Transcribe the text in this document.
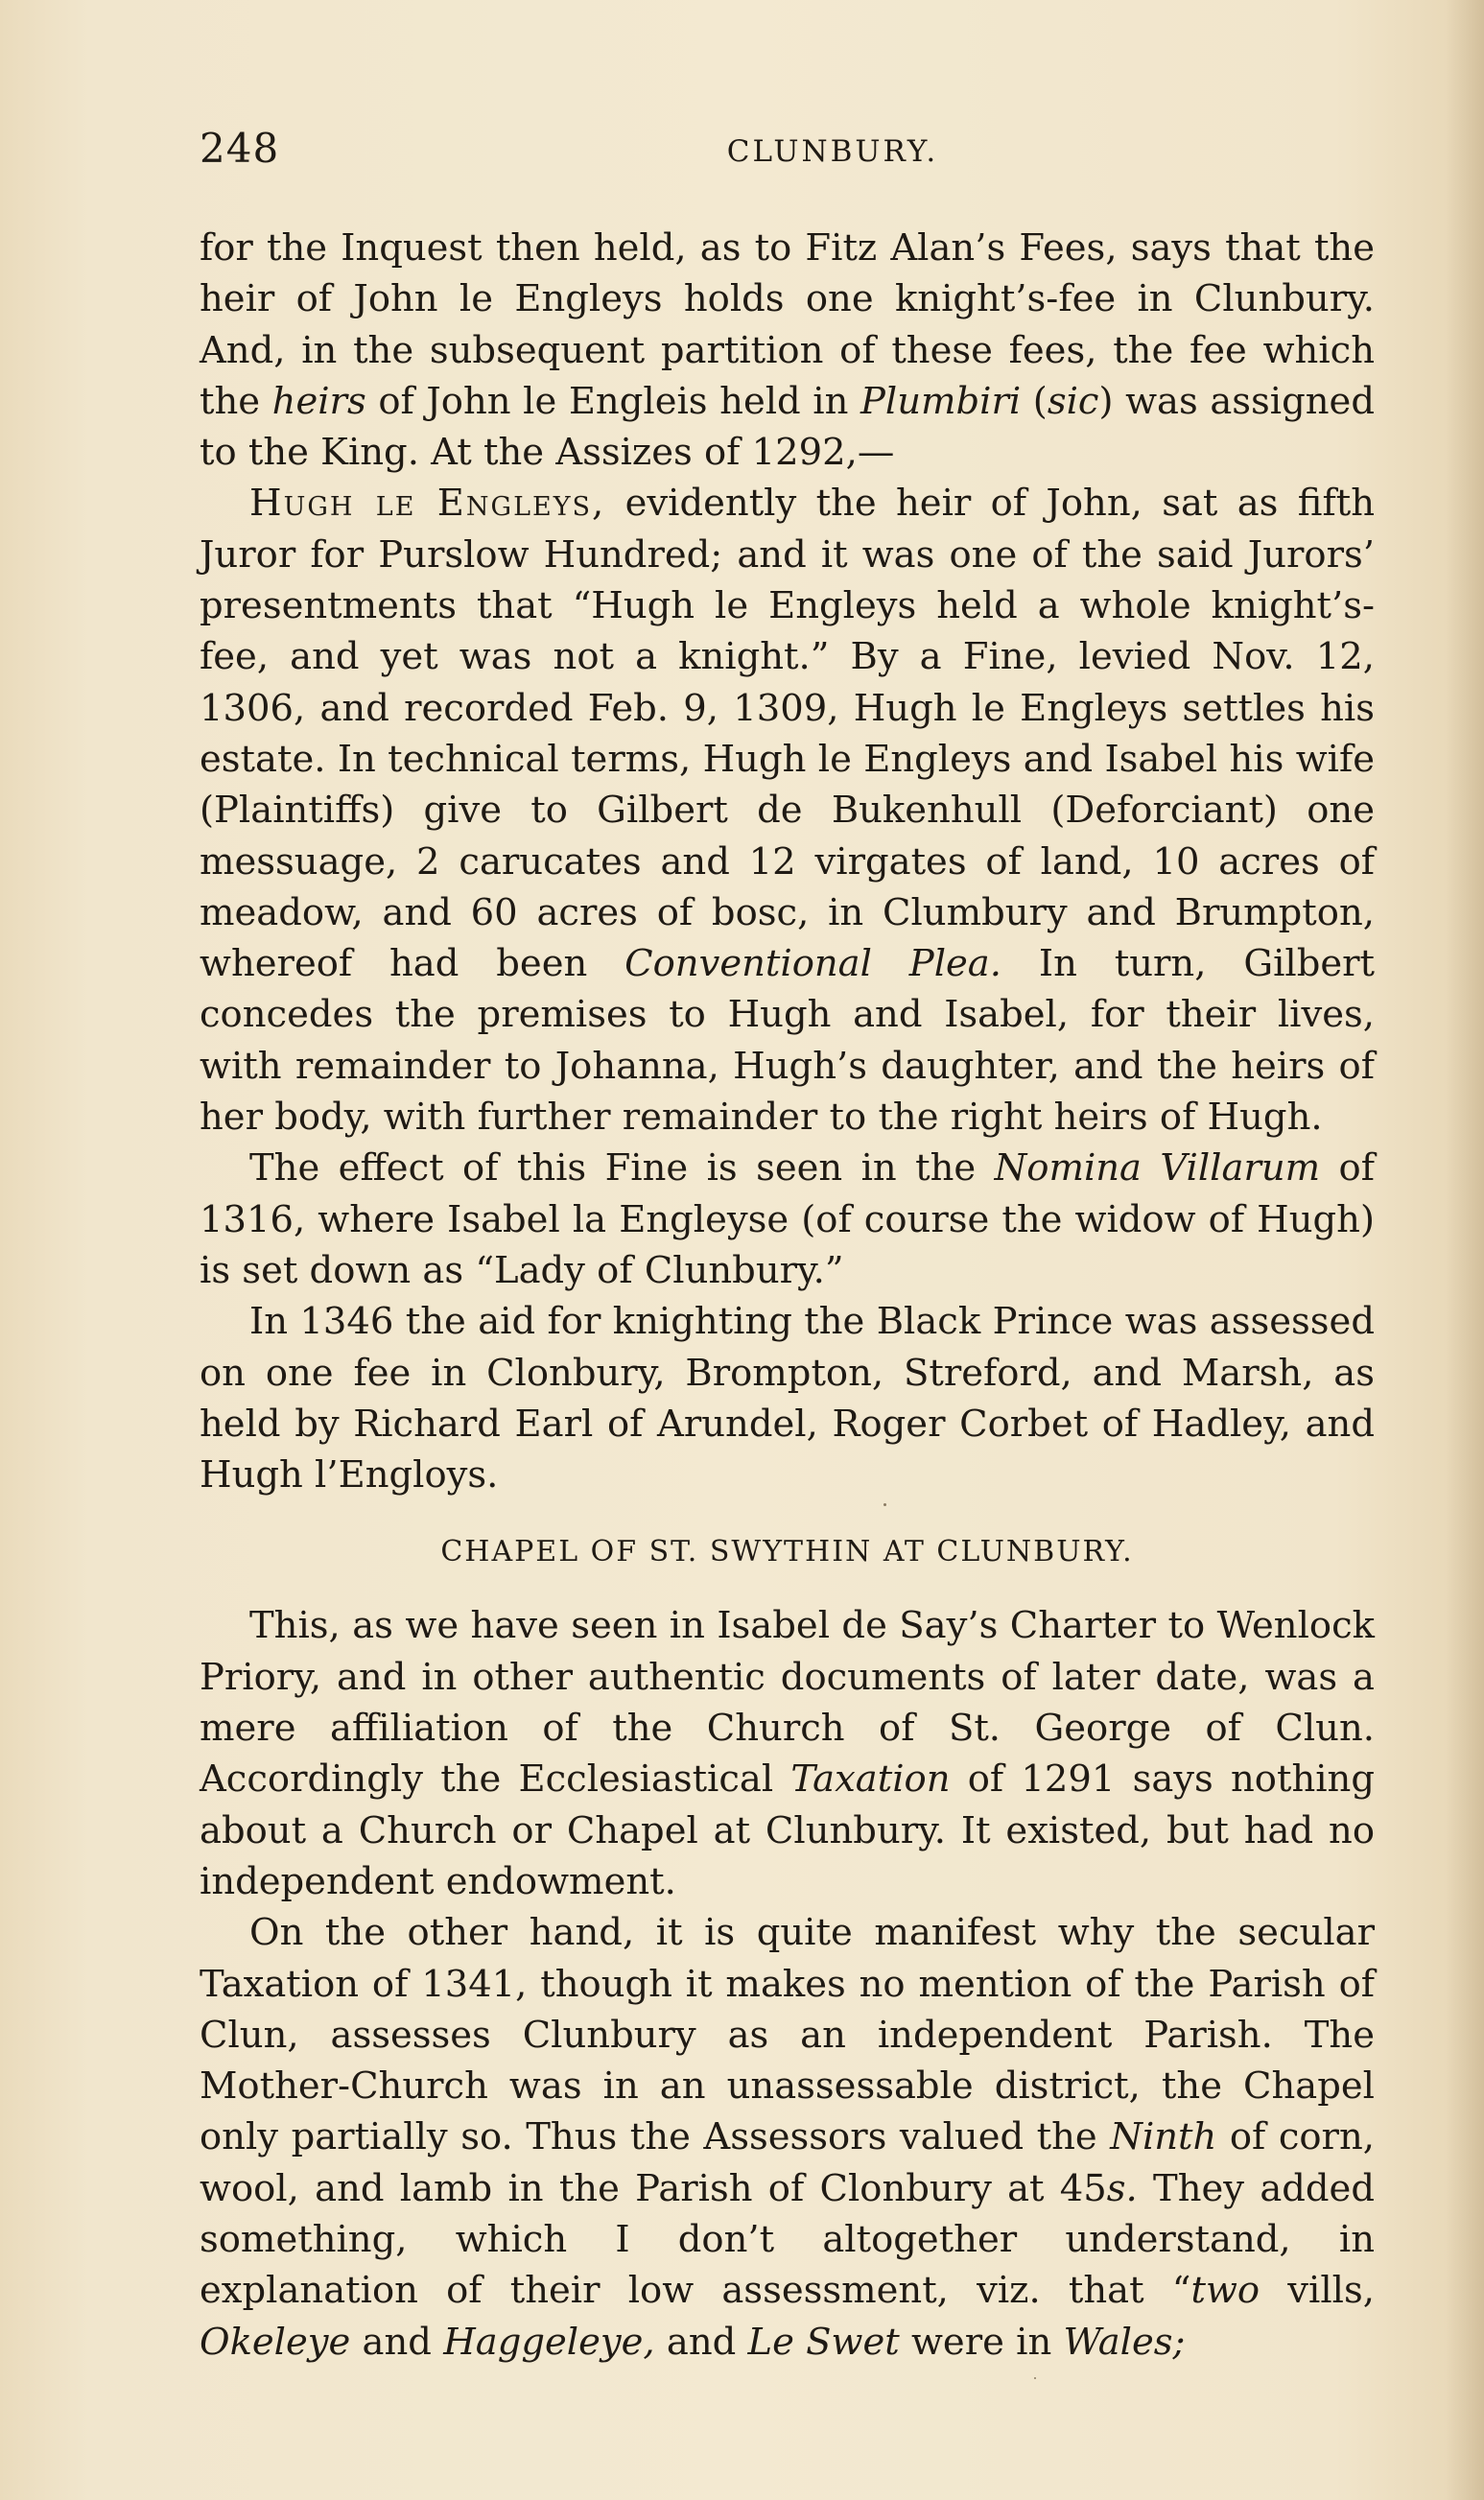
248	CLUNBURY.

for the Inquest then held, as to Fitz Alan’s Fees, says that the heir of John le Engleys holds one knight’s-fee in Clunbury. And, in the subsequent partition of these fees, the fee which the heirs of John le Engleis held in Plumbiri (sic) was assigned to the King. At the Assizes of 1292,—

Hugh le Engleys, evidently the heir of John, sat as fifth Juror for Purslow Hundred; and it was one of the said Jurors’ presentments that “Hugh le Engleys held a whole knight’s-fee, and yet was not a knight.” By a Fine, levied Nov. 12, 1306, and recorded Feb. 9, 1309, Hugh le Engleys settles his estate. In technical terms, Hugh le Engleys and Isabel his wife (Plaintiffs) give to Gilbert de Bukenhull (Deforciant) one messuage, 2 carucates and 12 virgates of land, 10 acres of meadow, and 60 acres of bosc, in Clumbury and Brumpton, whereof had been Conventional Plea. In turn, Gilbert concedes the premises to Hugh and Isabel, for their lives, with remainder to Johanna, Hugh’s daughter, and the heirs of her body, with further remainder to the right heirs of Hugh.

The effect of this Fine is seen in the Nomina Villarum of 1316, where Isabel la Engleyse (of course the widow of Hugh) is set down as “Lady of Clunbury.”

In 1346 the aid for knighting the Black Prince was assessed on one fee in Clonbury, Brompton, Streford, and Marsh, as held by Richard Earl of Arundel, Roger Corbet of Hadley, and Hugh l’Engloys.

CHAPEL OF ST. SWYTHIN AT CLUNBURY.

This, as we have seen in Isabel de Say’s Charter to Wenlock Priory, and in other authentic documents of later date, was a mere affiliation of the Church of St. George of Clun. Accordingly the Ecclesiastical Taxation of 1291 says nothing about a Church or Chapel at Clunbury. It existed, but had no independent endowment.

On the other hand, it is quite manifest why the secular Taxation of 1341, though it makes no mention of the Parish of Clun, assesses Clunbury as an independent Parish. The Mother-Church was in an unassessable district, the Chapel only partially so. Thus the Assessors valued the Ninth of corn, wool, and lamb in the Parish of Clonbury at 45s. They added something, which I don’t altogether understand, in explanation of their low assessment, viz. that “two vills, Okeleye and Haggeleye, and Le Swet were in Wales;
